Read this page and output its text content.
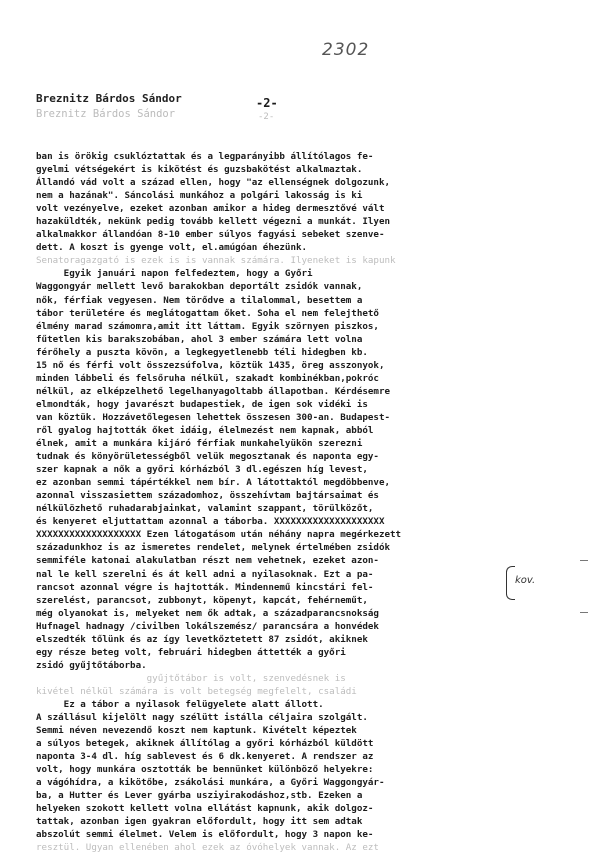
2302
Breznitz Bárdos Sándor
Breznitz Bárdos Sándor
-2-
-2-
ban is örökig csuklóztattak és a legparányibb állítólagos fe-
gyelmi vétségekért is kikötést és guzsbakötést alkalmaztak.
Állandó vád volt a század ellen, hogy "az ellenségnek dolgozunk,
nem a hazának". Sáncolási munkához a polgári lakosság is ki
volt vezényelve, ezeket azonban amikor a hideg dermesztővé vált
hazaküldték, nekünk pedig tovább kellett végezni a munkát. Ilyen
alkalmakkor állandóan 8-10 ember súlyos fagyási sebeket szenve-
dett. A koszt is gyenge volt, el.amúgóan éhezünk.
Senatoragazgató is ezek is is vannak számára. Ilyeneket is kapunk
Egyik januári napon felfedeztem, hogy a Győri
Waggongyár mellett levő barakokban deportált zsidók vannak,
nők, férfiak vegyesen. Nem törődve a tilalommal, besettem a
tábor területére és meglátogattam őket. Soha el nem felejthető
élmény marad számomra,amit itt láttam. Egyik szörnyen piszkos,
fűtetlen kis barakszobában, ahol 3 ember számára lett volna
férőhely a puszta kövön, a legkegyetlenebb téli hidegben kb.
15 nő és férfi volt összezsúfolva, köztük 1435, öreg asszonyok,
minden lábbeli és felsőruha nélkül, szakadt kombinékban,pokróc
nélkül, az elképzelhető legelhanyagoltabb állapotban. Kérdésemre
elmondták, hogy javarészt budapestiek, de igen sok vidéki is
van köztük. Hozzávetőlegesen lehettek összesen 300-an. Budapest-
ről gyalog hajtották őket idáig, élelmezést nem kapnak, abból
élnek, amit a munkára kijáró férfiak munkahelyükön szerezni
tudnak és könyörületességből velük megosztanak és naponta egy-
szer kapnak a nők a győri kórházból 3 dl.egészen híg levest,
ez azonban semmi tápértékkel nem bír. A látottaktól megdöbbenve,
azonnal visszasiettem századomhoz, összehívtam bajtársaimat és
nélkülözhető ruhadarabjainkat, valamint szappant, törülközőt,
és kenyeret eljuttattam azonnal a táborba. XXXXXXXXXXXXXXXXXXXX
XXXXXXXXXXXXXXXXXXX Ezen látogatásom után néhány napra megérkezett
századunkhoz is az ismeretes rendelet, melynek értelmében zsidók
semmiféle katonai alakulatban részt nem vehetnek, ezeket azon-
nal le kell szerelni és át kell adni a nyilasoknak. Ezt a pa-
rancsot azonnal végre is hajtották. Mindennemű kincstári fel-
szerelést, parancsot, zubbonyt, köpenyt, kapcát, fehérneműt,
még olyanokat is, melyeket nem ők adtak, a századparancsnokság
Hufnagel hadnagy /civilben lokálszemész/ parancsára a honvédek
elszedték tőlünk és az így levetkőztetett 87 zsidót, akiknek
egy része beteg volt, februári hidegben áttették a győri
zsidó gyűjtőtáborba.
gyűjtőtábor is volt, szenvedésnek is
kivétel nélkül számára is volt betegség megfelelt, családi
Ez a tábor a nyilasok felügyelete alatt állott.
A szállásul kijelölt nagy szélütt istálla céljaira szolgált.
Semmi néven nevezendő koszt nem kaptunk. Kivételt képeztek
a súlyos betegek, akiknek állítólag a győri kórházból küldött
naponta 3-4 dl. híg sablevest és 6 dk.kenyeret. A rendszer az
volt, hogy munkára osztották be bennünket különböző helyekre:
a vágóhídra, a kikötőbe, zsákolási munkára, a Győri Waggongyár-
ba, a Hutter és Lever gyárba usziyirakodáshoz,stb. Ezeken a
helyeken szokott kellett volna ellátást kapnunk, akik dolgoz-
tattak, azonban igen gyakran előfordult, hogy itt sem adtak
abszolút semmi élelmet. Velem is előfordult, hogy 3 napon ke-
resztül. Ugyan ellenében ahol ezek az óvóhelyek vannak. Az ezt
kov.
